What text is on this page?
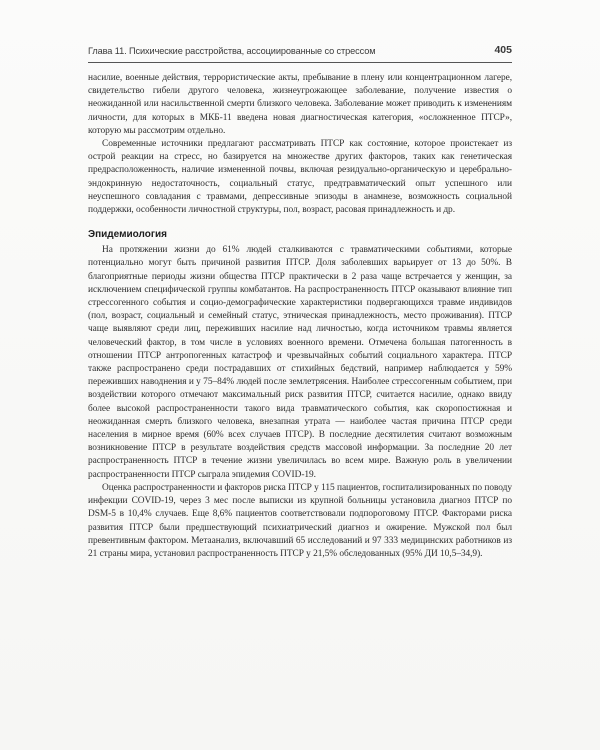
Глава 11. Психические расстройства, ассоциированные со стрессом	405

насилие, военные действия, террористические акты, пребывание в плену или концентрационном лагере, свидетельство гибели другого человека, жизнеугрожающее заболевание, получение известия о неожиданной или насильственной смерти близкого человека. Заболевание может приводить к изменениям личности, для которых в МКБ-11 введена новая диагностическая категория, «осложненное ПТСР», которую мы рассмотрим отдельно.

Современные источники предлагают рассматривать ПТСР как состояние, которое проистекает из острой реакции на стресс, но базируется на множестве других факторов, таких как генетическая предрасположенность, наличие измененной почвы, включая резидуально-органическую и церебрально-эндокринную недостаточность, социальный статус, предтравматический опыт успешного или неуспешного совладания с травмами, депрессивные эпизоды в анамнезе, возможность социальной поддержки, особенности личностной структуры, пол, возраст, расовая принадлежность и др.

Эпидемиология

На протяжении жизни до 61% людей сталкиваются с травматическими событиями, которые потенциально могут быть причиной развития ПТСР. Доля заболевших варьирует от 13 до 50%. В благоприятные периоды жизни общества ПТСР практически в 2 раза чаще встречается у женщин, за исключением специфической группы комбатантов. На распространенность ПТСР оказывают влияние тип стрессогенного события и социо-демографические характеристики подвергающихся травме индивидов (пол, возраст, социальный и семейный статус, этническая принадлежность, место проживания). ПТСР чаще выявляют среди лиц, переживших насилие над личностью, когда источником травмы является человеческий фактор, в том числе в условиях военного времени. Отмечена большая патогенность в отношении ПТСР антропогенных катастроф и чрезвычайных событий социального характера. ПТСР также распространено среди пострадавших от стихийных бедствий, например наблюдается у 59% переживших наводнения и у 75–84% людей после землетрясения. Наиболее стрессогенным событием, при воздействии которого отмечают максимальный риск развития ПТСР, считается насилие, однако ввиду более высокой распространенности такого вида травматического события, как скоропостижная и неожиданная смерть близкого человека, внезапная утрата — наиболее частая причина ПТСР среди населения в мирное время (60% всех случаев ПТСР). В последние десятилетия считают возможным возникновение ПТСР в результате воздействия средств массовой информации. За последние 20 лет распространенность ПТСР в течение жизни увеличилась во всем мире. Важную роль в увеличении распространенности ПТСР сыграла эпидемия COVID-19.

Оценка распространенности и факторов риска ПТСР у 115 пациентов, госпитализированных по поводу инфекции COVID-19, через 3 мес после выписки из крупной больницы установила диагноз ПТСР по DSM-5 в 10,4% случаев. Еще 8,6% пациентов соответствовали подпороговому ПТСР. Факторами риска развития ПТСР были предшествующий психиатрический диагноз и ожирение. Мужской пол был превентивным фактором. Метаанализ, включавший 65 исследований и 97 333 медицинских работников из 21 страны мира, установил распространенность ПТСР у 21,5% обследованных (95% ДИ 10,5–34,9).
